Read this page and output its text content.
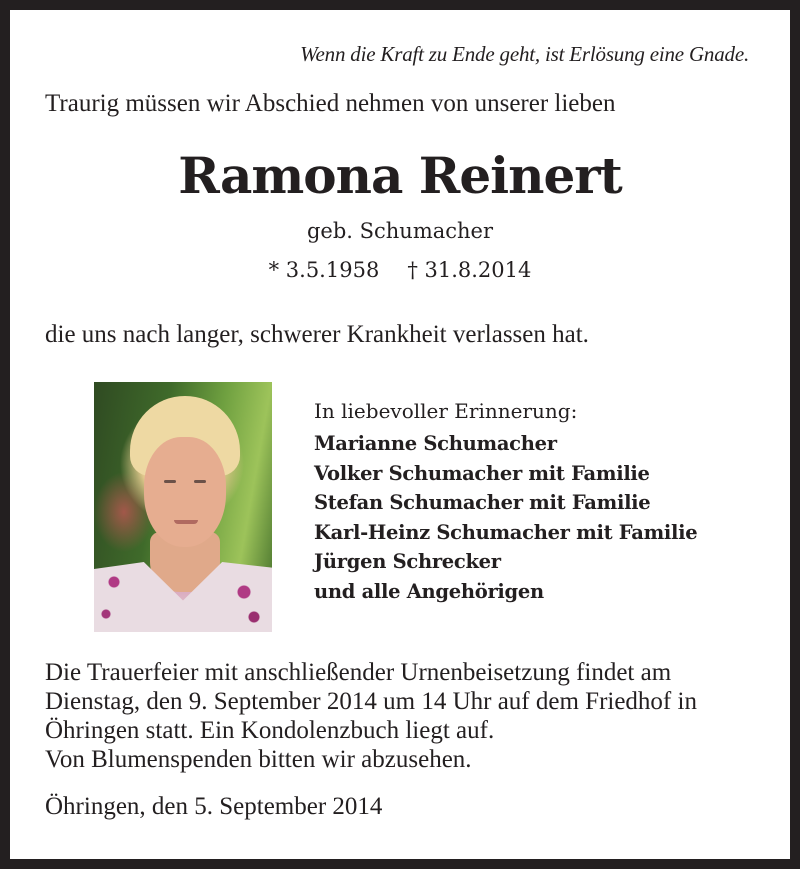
Wenn die Kraft zu Ende geht, ist Erlösung eine Gnade.
Traurig müssen wir Abschied nehmen von unserer lieben
Ramona Reinert
geb. Schumacher
* 3.5.1958 † 31.8.2014
die uns nach langer, schwerer Krankheit verlassen hat.
In liebevoller Erinnerung:
Marianne Schumacher
Volker Schumacher mit Familie
Stefan Schumacher mit Familie
Karl-Heinz Schumacher mit Familie
Jürgen Schrecker
und alle Angehörigen
Die Trauerfeier mit anschließender Urnenbeisetzung findet am
Dienstag, den 9. September 2014 um 14 Uhr auf dem Friedhof in
Öhringen statt. Ein Kondolenzbuch liegt auf.
Von Blumenspenden bitten wir abzusehen.
Öhringen, den 5. September 2014
